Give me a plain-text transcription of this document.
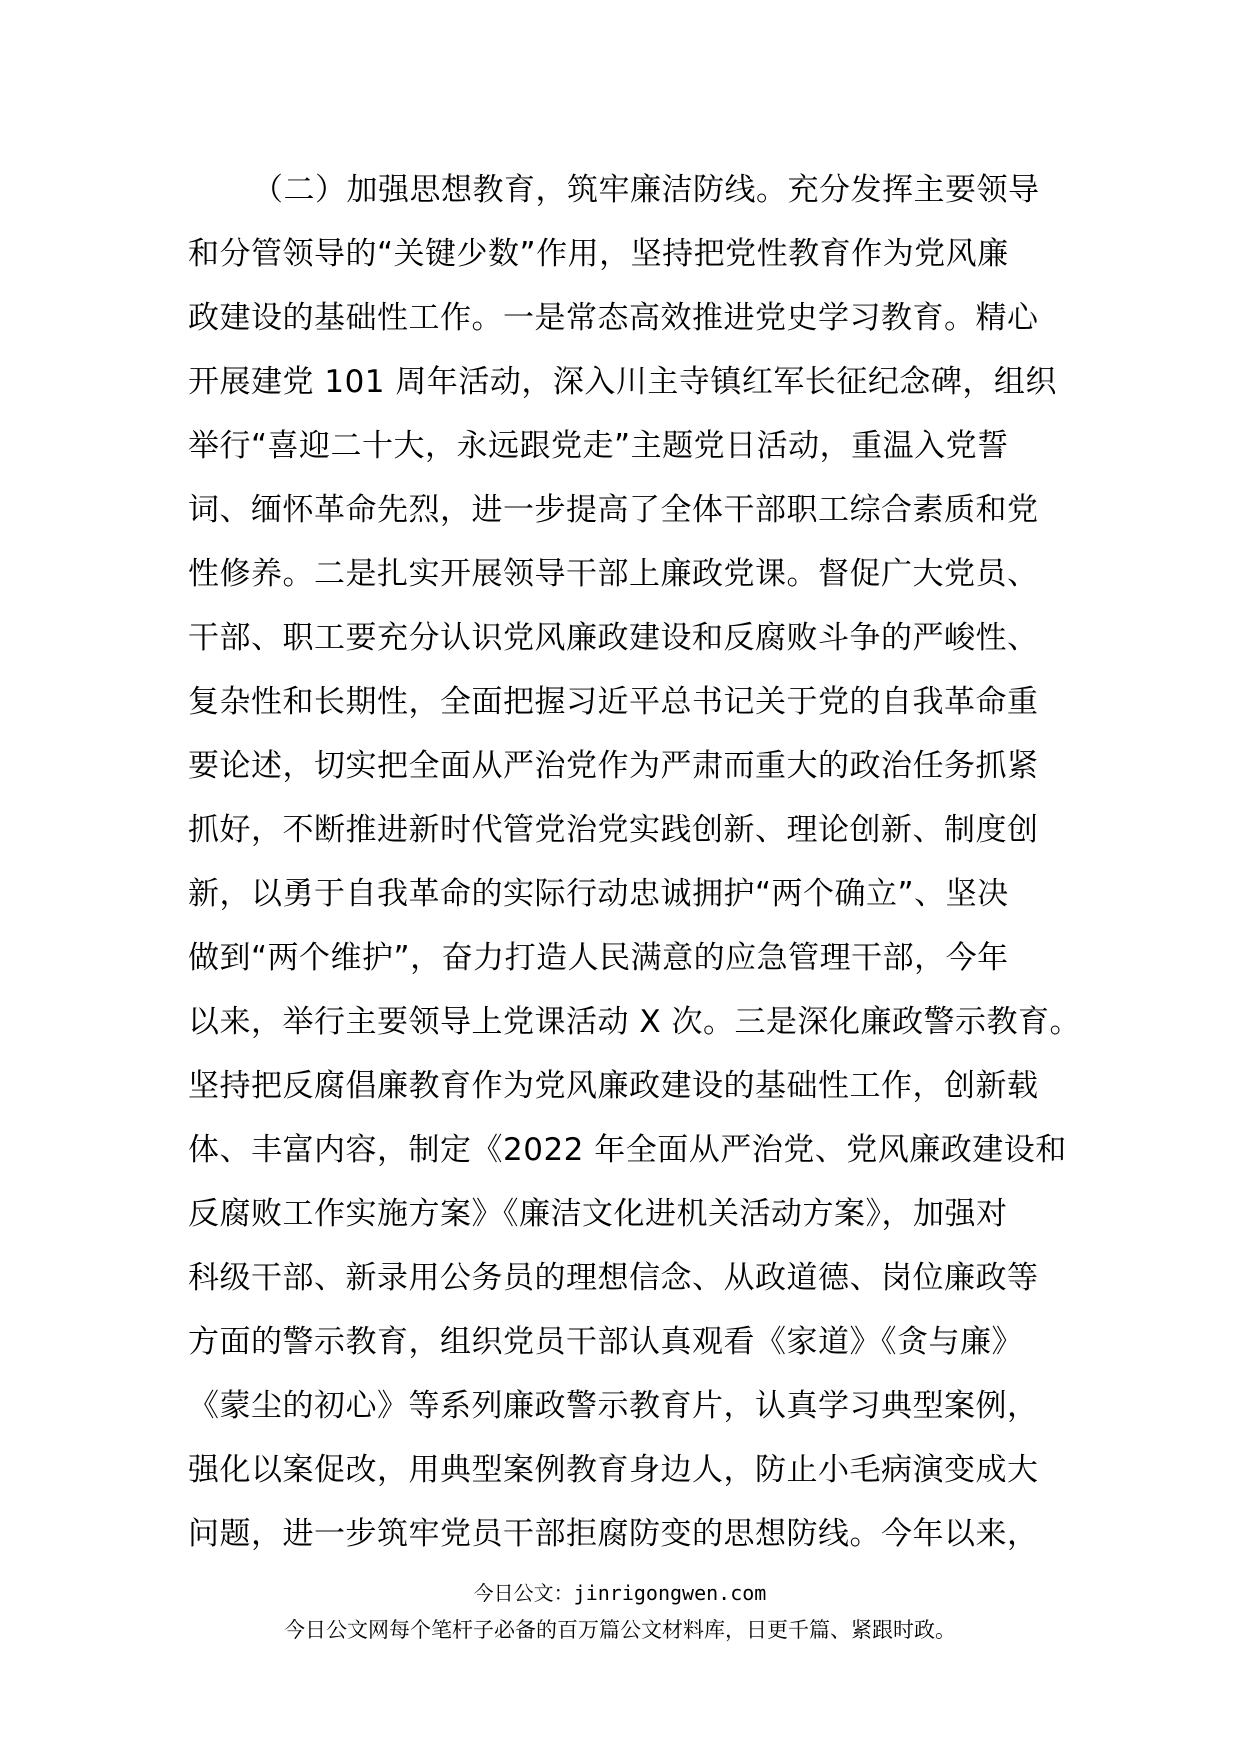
（二）加强思想教育，筑牢廉洁防线。充分发挥主要领导
和分管领导的“关键少数”作用，坚持把党性教育作为党风廉
政建设的基础性工作。一是常态高效推进党史学习教育。精心
开展建党 101 周年活动，深入川主寺镇红军长征纪念碑，组织
举行“喜迎二十大，永远跟党走”主题党日活动，重温入党誓
词、缅怀革命先烈，进一步提高了全体干部职工综合素质和党
性修养。二是扎实开展领导干部上廉政党课。督促广大党员、
干部、职工要充分认识党风廉政建设和反腐败斗争的严峻性、
复杂性和长期性，全面把握习近平总书记关于党的自我革命重
要论述，切实把全面从严治党作为严肃而重大的政治任务抓紧
抓好，不断推进新时代管党治党实践创新、理论创新、制度创
新，以勇于自我革命的实际行动忠诚拥护“两个确立”、坚决
做到“两个维护”，奋力打造人民满意的应急管理干部，今年
以来，举行主要领导上党课活动 X 次。三是深化廉政警示教育。
坚持把反腐倡廉教育作为党风廉政建设的基础性工作，创新载
体、丰富内容，制定《2022 年全面从严治党、党风廉政建设和
反腐败工作实施方案》《廉洁文化进机关活动方案》，加强对
科级干部、新录用公务员的理想信念、从政道德、岗位廉政等
方面的警示教育，组织党员干部认真观看《家道》《贪与廉》
《蒙尘的初心》等系列廉政警示教育片，认真学习典型案例，
强化以案促改，用典型案例教育身边人，防止小毛病演变成大
问题，进一步筑牢党员干部拒腐防变的思想防线。今年以来，
今日公文：jinrigongwen.com
今日公文网每个笔杆子必备的百万篇公文材料库，日更千篇、紧跟时政。
